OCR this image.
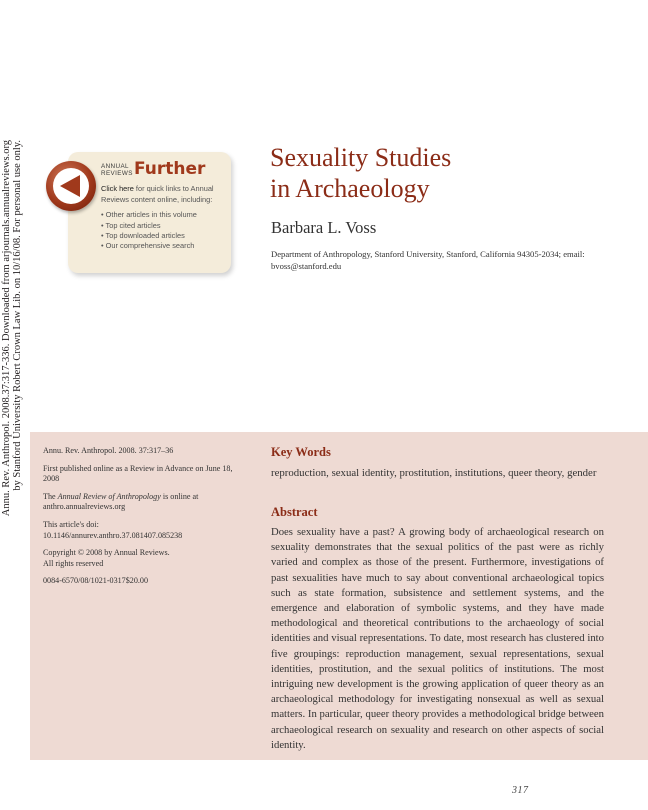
Annu. Rev. Anthropol. 2008.37:317-336. Downloaded from arjournals.annualreviews.org by Stanford University Robert Crown Law Lib. on 10/16/08. For personal use only.	ANNUAL
REVIEWS Further
Click here for quick links to Annual Reviews content online, including:
• Other articles in this volume
• Top cited articles
• Top downloaded articles
• Our comprehensive search
Sexuality Studies
in Archaeology
Barbara L. Voss
Department of Anthropology, Stanford University, Stanford, California 94305-2034; email: bvoss@stanford.edu

Annu. Rev. Anthropol. 2008. 37:317–36

First published online as a Review in Advance on June 18, 2008

The Annual Review of Anthropology is online at anthro.annualreviews.org

This article's doi:
10.1146/annurev.anthro.37.081407.085238

Copyright © 2008 by Annual Reviews.
All rights reserved

0084-6570/08/1021-0317$20.00

Key Words
reproduction, sexual identity, prostitution, institutions, queer theory, gender
Abstract

Does sexuality have a past? A growing body of archaeological research on sexuality demonstrates that the sexual politics of the past were as richly varied and complex as those of the present. Furthermore, investigations of past sexualities have much to say about conventional archaeological topics such as state formation, subsistence and settlement systems, and the emergence and elaboration of symbolic systems, and they have made methodological and theoretical contributions to the archaeology of social identities and visual representations. To date, most research has clustered into five groupings: reproduction management, sexual representations, sexual identities, prostitution, and the sexual politics of institutions. The most intriguing new development is the growing application of queer theory as an archaeological methodology for investigating nonsexual as well as sexual matters. In particular, queer theory provides a methodological bridge between archaeological research on sexuality and research on other aspects of social identity.

317
